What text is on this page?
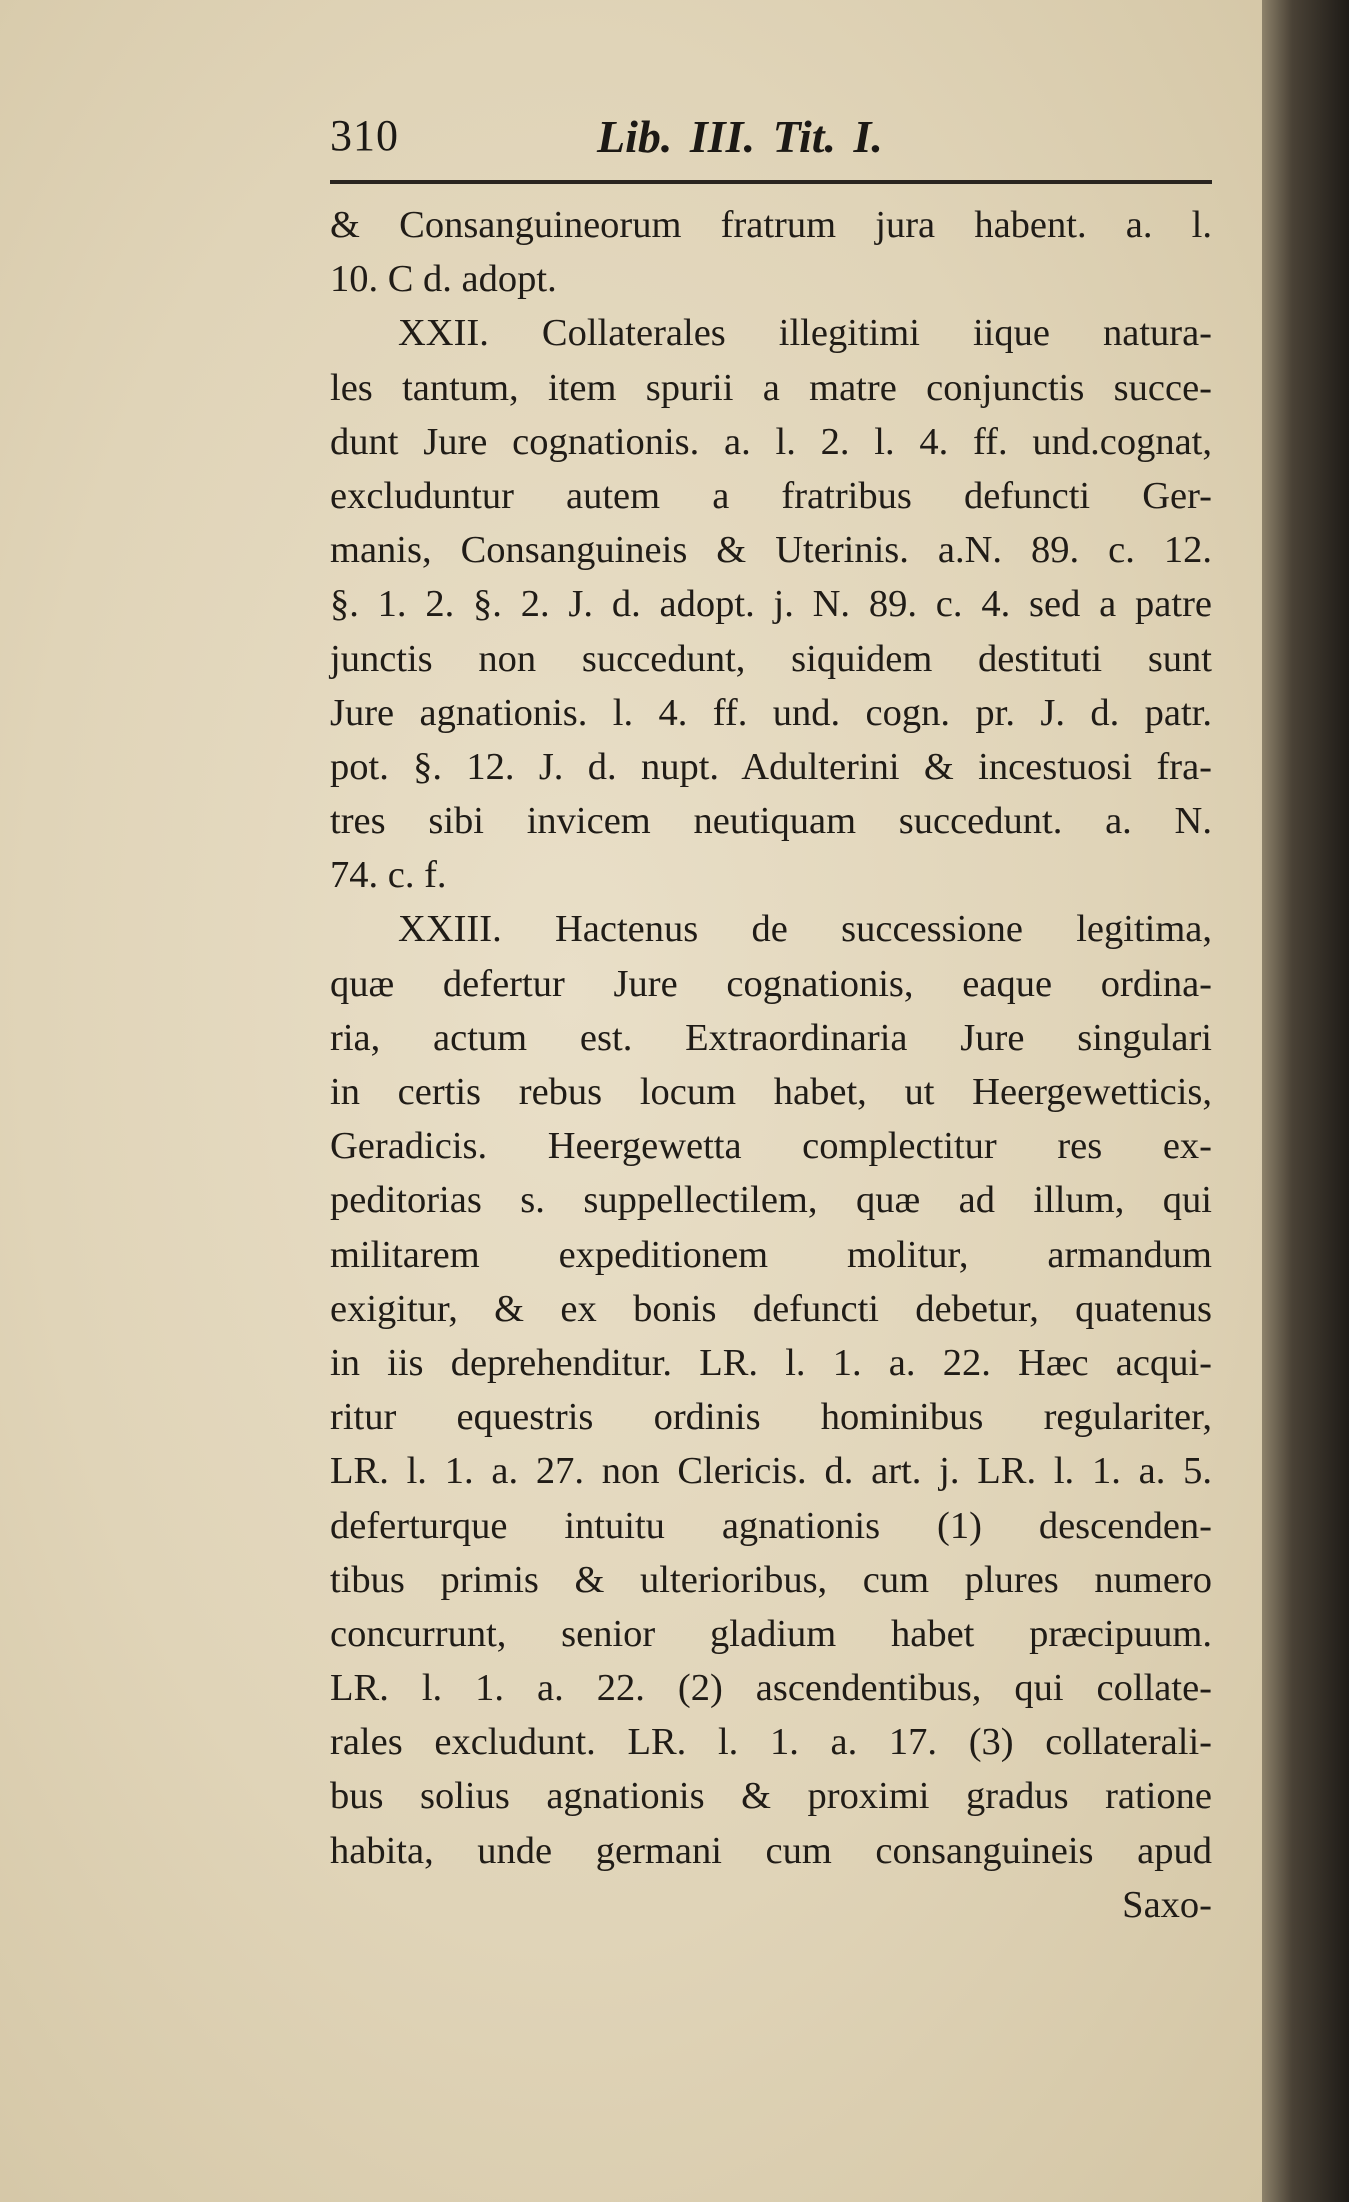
310	Lib. III. Tit. I.
& Consanguineorum fratrum jura habent. a. l.
10. C d. adopt.
XXII. Collaterales illegitimi iique natura-
les tantum, item spurii a matre conjunctis succe-
dunt Jure cognationis. a. l. 2. l. 4. ff. und.cognat,
excluduntur autem a fratribus defuncti Ger-
manis, Consanguineis & Uterinis. a.N. 89. c. 12.
§. 1. 2. §. 2. J. d. adopt. j. N. 89. c. 4. sed a patre
junctis non succedunt, siquidem destituti sunt
Jure agnationis. l. 4. ff. und. cogn. pr. J. d. patr.
pot. §. 12. J. d. nupt. Adulterini & incestuosi fra-
tres sibi invicem neutiquam succedunt. a. N.
74. c. f.
XXIII. Hactenus de successione legitima,
quæ defertur Jure cognationis, eaque ordina-
ria, actum est. Extraordinaria Jure singulari
in certis rebus locum habet, ut Heergewetticis,
Geradicis. Heergewetta complectitur res ex-
peditorias s. suppellectilem, quæ ad illum, qui
militarem expeditionem molitur, armandum
exigitur, & ex bonis defuncti debetur, quatenus
in iis deprehenditur. LR. l. 1. a. 22. Hæc acqui-
ritur equestris ordinis hominibus regulariter,
LR. l. 1. a. 27. non Clericis. d. art. j. LR. l. 1. a. 5.
deferturque intuitu agnationis (1) descenden-
tibus primis & ulterioribus, cum plures numero
concurrunt, senior gladium habet præcipuum.
LR. l. 1. a. 22. (2) ascendentibus, qui collate-
rales excludunt. LR. l. 1. a. 17. (3) collaterali-
bus solius agnationis & proximi gradus ratione
habita, unde germani cum consanguineis apud
Saxo-
